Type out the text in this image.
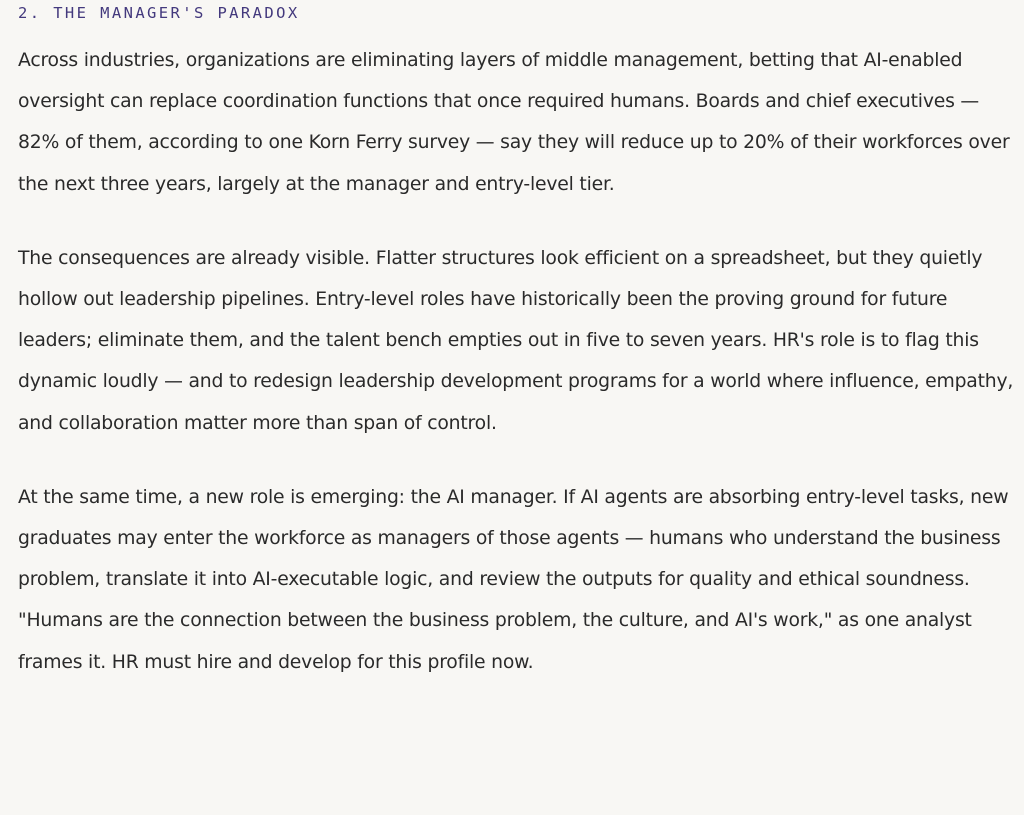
2. THE MANAGER'S PARADOX

Across industries, organizations are eliminating layers of middle management, betting that AI-enabled oversight can replace coordination functions that once required humans. Boards and chief executives — 82% of them, according to one Korn Ferry survey — say they will reduce up to 20% of their workforces over the next three years, largely at the manager and entry-level tier.

The consequences are already visible. Flatter structures look efficient on a spreadsheet, but they quietly hollow out leadership pipelines. Entry-level roles have historically been the proving ground for future leaders; eliminate them, and the talent bench empties out in five to seven years. HR's role is to flag this dynamic loudly — and to redesign leadership development programs for a world where influence, empathy, and collaboration matter more than span of control.

At the same time, a new role is emerging: the AI manager. If AI agents are absorbing entry-level tasks, new graduates may enter the workforce as managers of those agents — humans who understand the business problem, translate it into AI-executable logic, and review the outputs for quality and ethical soundness. "Humans are the connection between the business problem, the culture, and AI's work," as one analyst frames it. HR must hire and develop for this profile now.
